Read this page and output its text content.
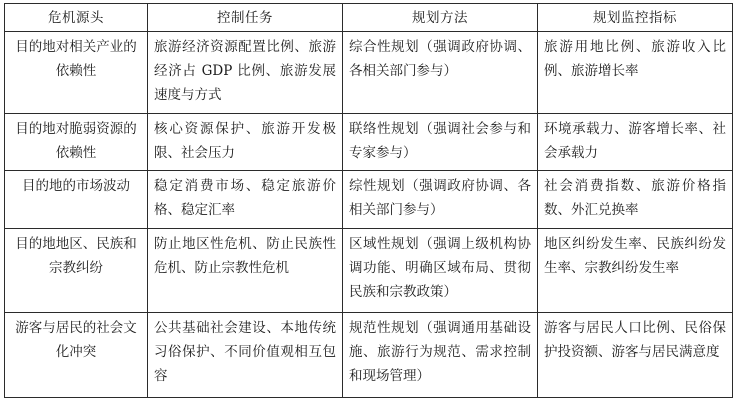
危机源头	控制任务	规划方法	规划监控指标
目的地对相关产业的依赖性	旅游经济资源配置比例、旅游经济占 GDP 比例、旅游发展速度与方式	综合性规划（强调政府协调、各相关部门参与）	旅游用地比例、旅游收入比例、旅游增长率
目的地对脆弱资源的依赖性	核心资源保护、旅游开发极限、社会压力	联络性规划（强调社会参与和专家参与）	环境承载力、游客增长率、社会承载力
目的地的市场波动	稳定消费市场、稳定旅游价格、稳定汇率	综性规划（强调政府协调、各相关部门参与）	社会消费指数、旅游价格指数、外汇兑换率
目的地地区、民族和宗教纠纷	防止地区性危机、防止民族性危机、防止宗教性危机	区域性规划（强调上级机构协调功能、明确区域布局、贯彻民族和宗教政策）	地区纠纷发生率、民族纠纷发生率、宗教纠纷发生率
游客与居民的社会文化冲突	公共基础社会建设、本地传统习俗保护、不同价值观相互包容	规范性规划（强调通用基础设施、旅游行为规范、需求控制和现场管理）	游客与居民人口比例、民俗保护投资额、游客与居民满意度
